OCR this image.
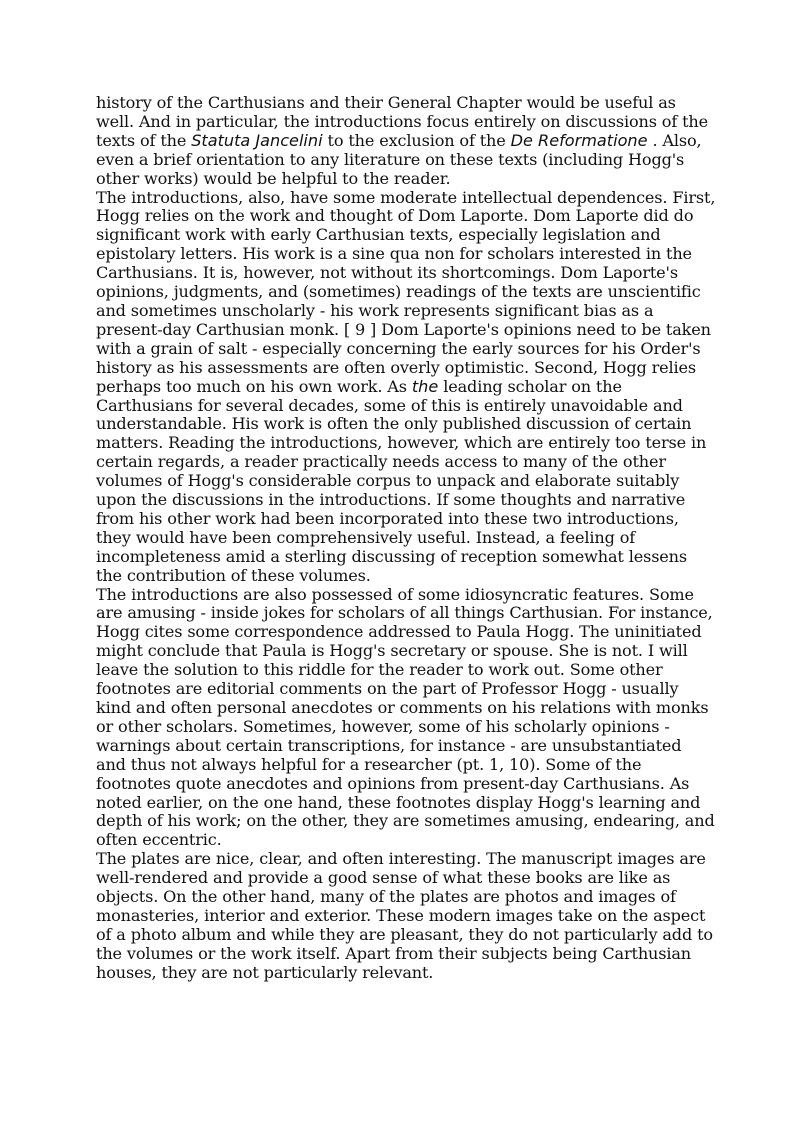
history of the Carthusians and their General Chapter would be useful as well. And in particular, the introductions focus entirely on discussions of the texts of the Statuta Jancelini to the exclusion of the De Reformatione . Also, even a brief orientation to any literature on these texts (including Hogg's other works) would be helpful to the reader.

The introductions, also, have some moderate intellectual dependences. First, Hogg relies on the work and thought of Dom Laporte. Dom Laporte did do significant work with early Carthusian texts, especially legislation and epistolary letters. His work is a sine qua non for scholars interested in the Carthusians. It is, however, not without its shortcomings. Dom Laporte's opinions, judgments, and (sometimes) readings of the texts are unscientific and sometimes unscholarly - his work represents significant bias as a present-day Carthusian monk. [ 9 ] Dom Laporte's opinions need to be taken with a grain of salt - especially concerning the early sources for his Order's history as his assessments are often overly optimistic. Second, Hogg relies perhaps too much on his own work. As the leading scholar on the Carthusians for several decades, some of this is entirely unavoidable and understandable. His work is often the only published discussion of certain matters. Reading the introductions, however, which are entirely too terse in certain regards, a reader practically needs access to many of the other volumes of Hogg's considerable corpus to unpack and elaborate suitably upon the discussions in the introductions. If some thoughts and narrative from his other work had been incorporated into these two introductions, they would have been comprehensively useful. Instead, a feeling of incompleteness amid a sterling discussing of reception somewhat lessens the contribution of these volumes.

The introductions are also possessed of some idiosyncratic features. Some are amusing - inside jokes for scholars of all things Carthusian. For instance, Hogg cites some correspondence addressed to Paula Hogg. The uninitiated might conclude that Paula is Hogg's secretary or spouse. She is not. I will leave the solution to this riddle for the reader to work out. Some other footnotes are editorial comments on the part of Professor Hogg - usually kind and often personal anecdotes or comments on his relations with monks or other scholars. Sometimes, however, some of his scholarly opinions - warnings about certain transcriptions, for instance - are unsubstantiated and thus not always helpful for a researcher (pt. 1, 10). Some of the footnotes quote anecdotes and opinions from present-day Carthusians. As noted earlier, on the one hand, these footnotes display Hogg's learning and depth of his work; on the other, they are sometimes amusing, endearing, and often eccentric.

The plates are nice, clear, and often interesting. The manuscript images are well-rendered and provide a good sense of what these books are like as objects. On the other hand, many of the plates are photos and images of monasteries, interior and exterior. These modern images take on the aspect of a photo album and while they are pleasant, they do not particularly add to the volumes or the work itself. Apart from their subjects being Carthusian houses, they are not particularly relevant.
